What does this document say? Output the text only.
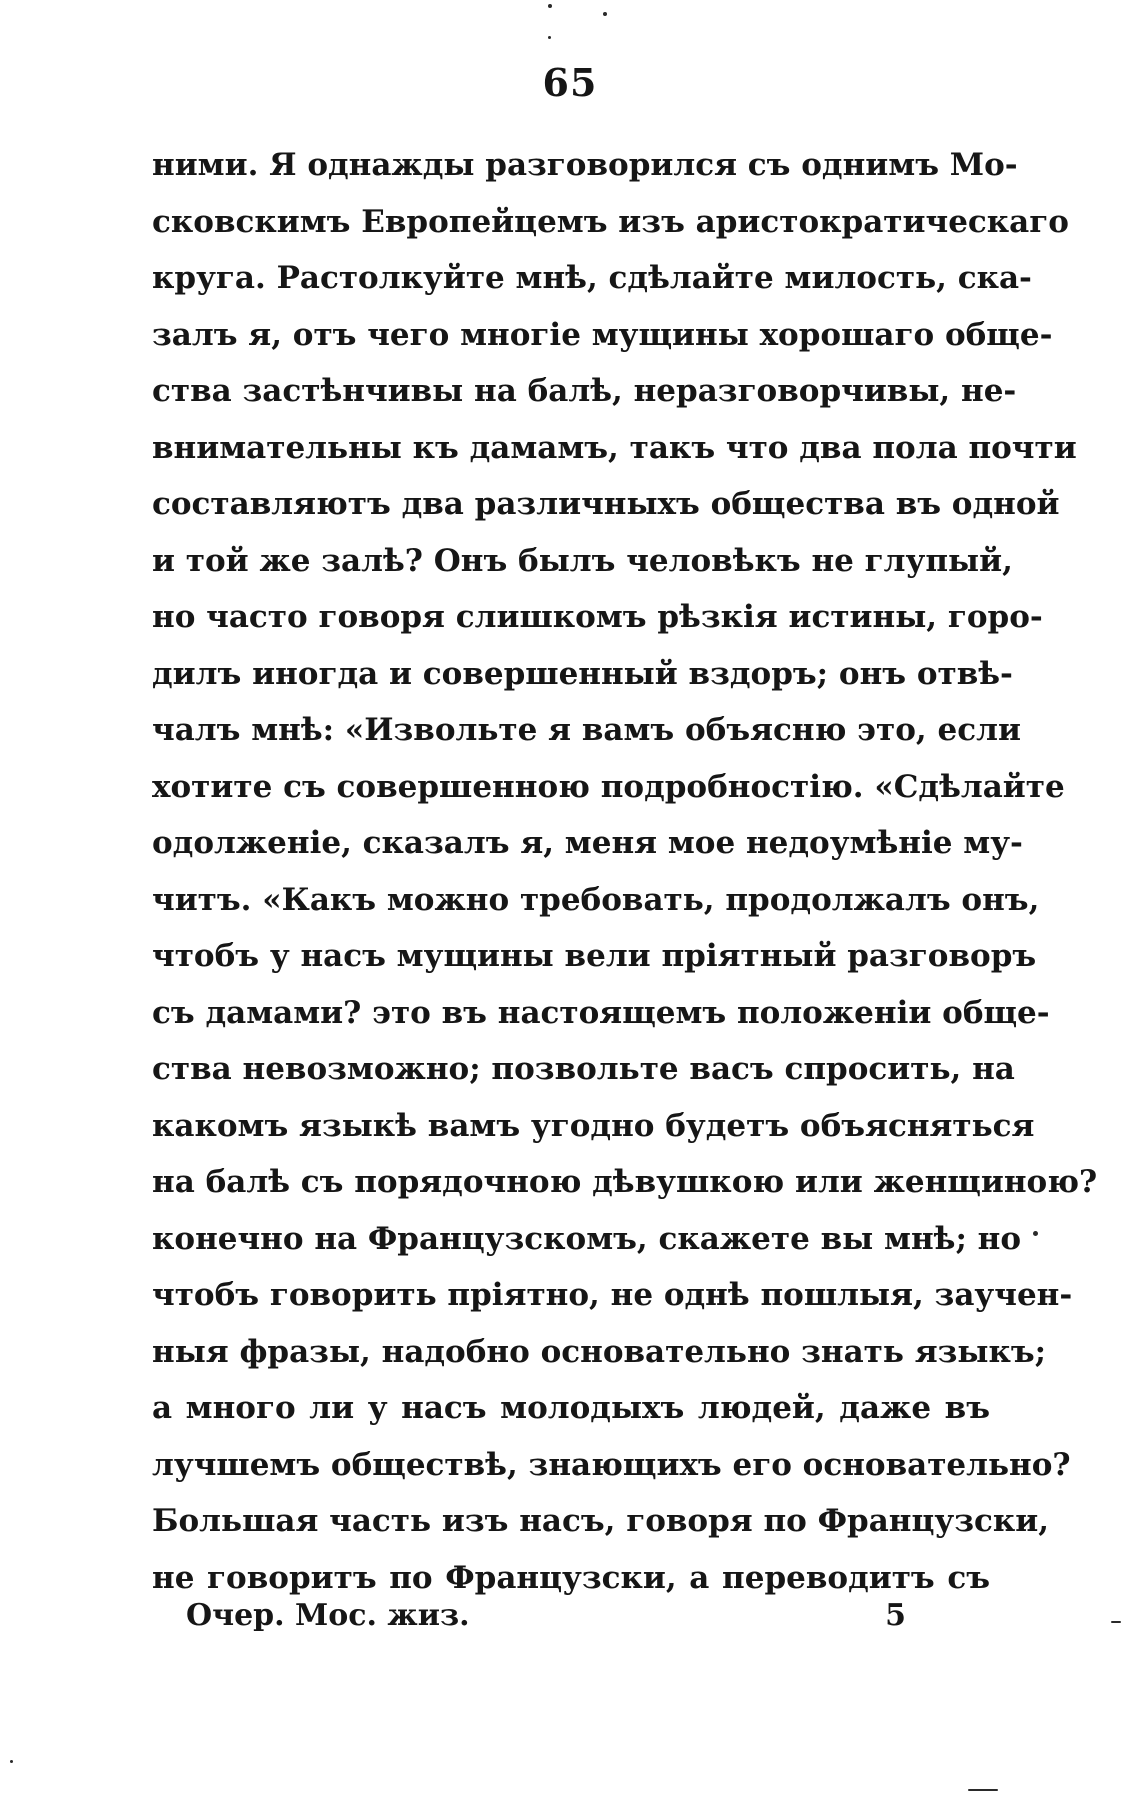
65
ними. Я однажды разговорился съ однимъ Мо-
сковскимъ Европейцемъ изъ аристократическаго
круга. Растолкуйте мнѣ, сдѣлайте милость, ска-
залъ я, отъ чего многіе мущины хорошаго обще-
ства застѣнчивы на балѣ, неразговорчивы, не-
внимательны къ дамамъ, такъ что два пола почти
составляютъ два различныхъ общества въ одной
и той же залѣ? Онъ былъ человѣкъ не глупый,
но часто говоря слишкомъ рѣзкія истины, горо-
дилъ иногда и совершенный вздоръ; онъ отвѣ-
чалъ мнѣ: «Извольте я вамъ объясню это, если
хотите съ совершенною подробностію. «Сдѣлайте
одолженіе, сказалъ я, меня мое недоумѣніе му-
читъ. «Какъ можно требовать, продолжалъ онъ,
чтобъ у насъ мущины вели пріятный разговоръ
съ дамами? это въ настоящемъ положеніи обще-
ства невозможно; позвольте васъ спросить, на
какомъ языкѣ вамъ угодно будетъ объясняться
на балѣ съ порядочною дѣвушкою или женщиною?
конечно на Французскомъ, скажете вы мнѣ; но
чтобъ говорить пріятно, не однѣ пошлыя, заучен-
ныя фразы, надобно основательно знать языкъ;
а много ли у насъ молодыхъ людей, даже въ
лучшемъ обществѣ, знающихъ его основательно?
Большая часть изъ насъ, говоря по Французски,
не говоритъ по Французски, а переводитъ съ
Очер. Мос. жиз.	5
